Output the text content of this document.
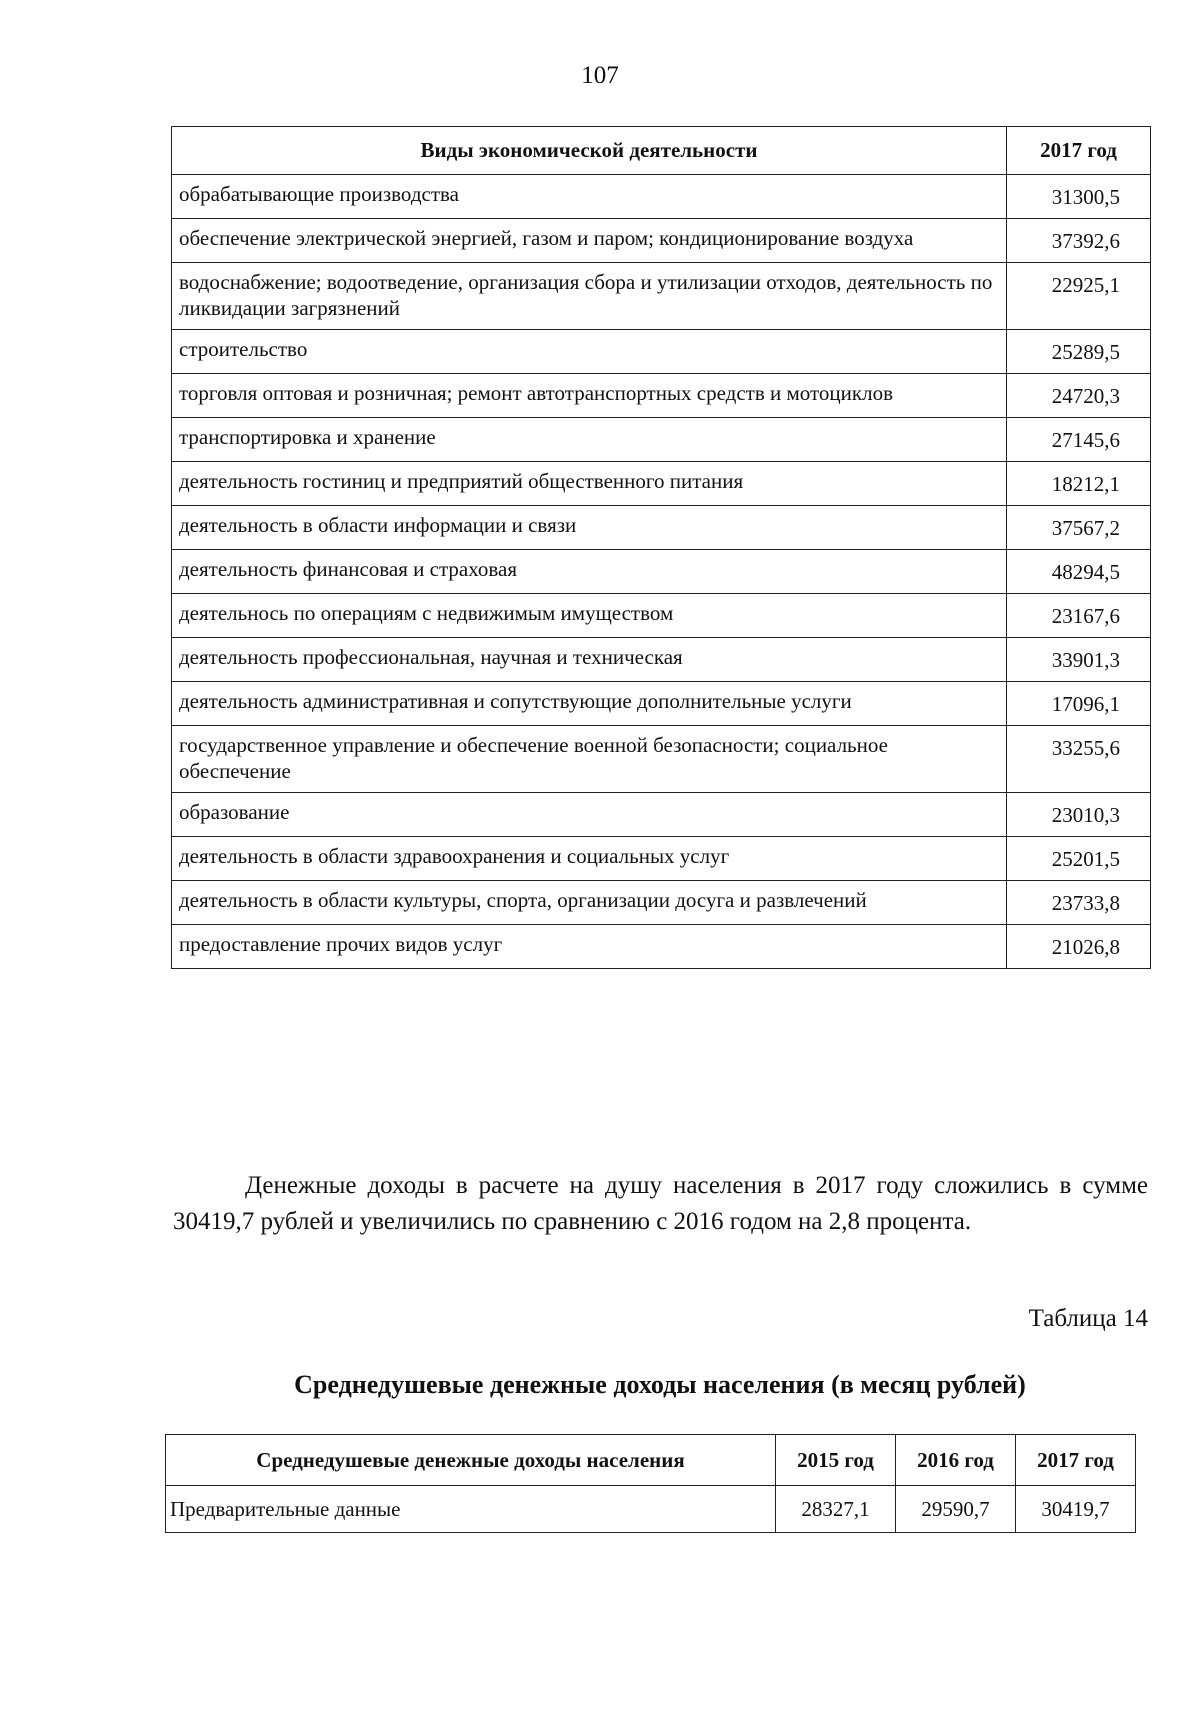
107
Виды экономической деятельности	2017 год
обрабатывающие производства	31300,5
обеспечение электрической энергией, газом и паром; кондиционирование воздуха	37392,6
водоснабжение; водоотведение, организация сбора и утилизации отходов, деятельность по ликвидации загрязнений	22925,1
строительство	25289,5
торговля оптовая и розничная; ремонт автотранспортных средств и мотоциклов	24720,3
транспортировка и хранение	27145,6
деятельность гостиниц и предприятий общественного питания	18212,1
деятельность в области информации и связи	37567,2
деятельность финансовая и страховая	48294,5
деятельнось по операциям с недвижимым имуществом	23167,6
деятельность профессиональная, научная и техническая	33901,3
деятельность административная и сопутствующие дополнительные услуги	17096,1
государственное управление и обеспечение военной безопасности; социальное обеспечение	33255,6
образование	23010,3
деятельность в области здравоохранения и социальных услуг	25201,5
деятельность в области культуры, спорта, организации досуга и развлечений	23733,8
предоставление прочих видов услуг	21026,8

Денежные доходы в расчете на душу населения в 2017 году сложились в сумме 30419,7 рублей и увеличились по сравнению с 2016 годом на 2,8 процента.

Таблица 14
Среднедушевые денежные доходы населения (в месяц рублей)
Среднедушевые денежные доходы населения	2015 год	2016 год	2017 год
Предварительные данные	28327,1	29590,7	30419,7
